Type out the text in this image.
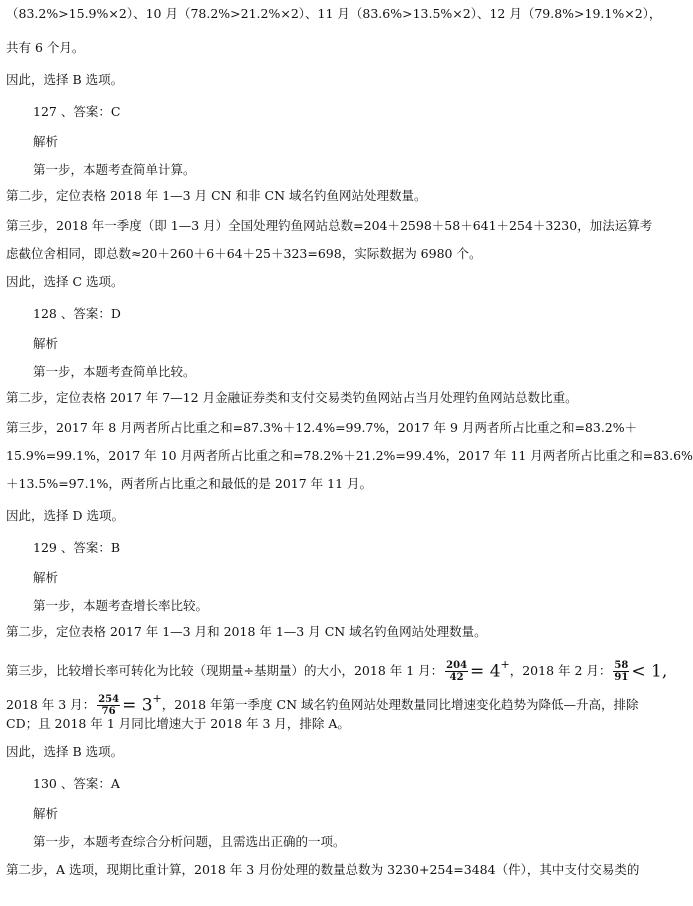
（83.2%>15.9%×2）、10 月（78.2%>21.2%×2）、11 月（83.6%>13.5%×2）、12 月（79.8%>19.1%×2），
共有 6 个月。
因此，选择 B 选项。
127 、答案：C
解析
第一步，本题考查简单计算。
第二步，定位表格 2018 年 1—3 月 CN 和非 CN 域名钓鱼网站处理数量。
第三步，2018 年一季度（即 1—3 月）全国处理钓鱼网站总数=204＋2598＋58＋641＋254＋3230，加法运算考
虑截位舍相同，即总数≈20＋260＋6＋64＋25＋323=698，实际数据为 6980 个。
因此，选择 C 选项。
128 、答案：D
解析
第一步，本题考查简单比较。
第二步，定位表格 2017 年 7—12 月金融证券类和支付交易类钓鱼网站占当月处理钓鱼网站总数比重。
第三步，2017 年 8 月两者所占比重之和=87.3%＋12.4%=99.7%，2017 年 9 月两者所占比重之和=83.2%＋
15.9%=99.1%，2017 年 10 月两者所占比重之和=78.2%＋21.2%=99.4%，2017 年 11 月两者所占比重之和=83.6%
＋13.5%=97.1%，两者所占比重之和最低的是 2017 年 11 月。
因此，选择 D 选项。
129 、答案：B
解析
第一步，本题考查增长率比较。
第二步，定位表格 2017 年 1—3 月和 2018 年 1—3 月 CN 域名钓鱼网站处理数量。
第三步，比较增长率可转化为比较（现期量÷基期量）的大小，2018 年 1 月： $\frac{204}{42} = 4+$，2018 年 2 月： $\frac{58}{91} < 1$,
2018 年 3 月： $\frac{254}{76} = 3+$，2018 年第一季度 CN 域名钓鱼网站处理数量同比增速变化趋势为降低—升高，排除
CD；且 2018 年 1 月同比增速大于 2018 年 3 月，排除 A。
因此，选择 B 选项。
130 、答案：A
解析
第一步，本题考查综合分析问题，且需选出正确的一项。
第二步，A 选项，现期比重计算，2018 年 3 月份处理的数量总数为 3230+254=3484（件），其中支付交易类的
